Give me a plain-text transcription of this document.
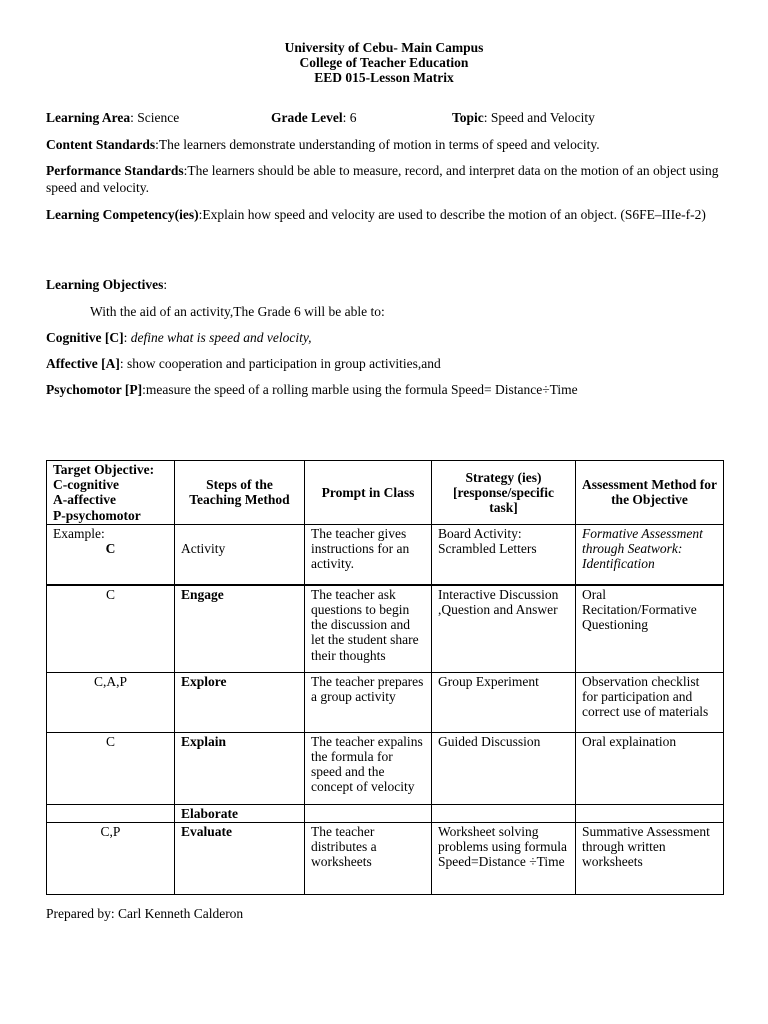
University of Cebu- Main Campus
College of Teacher Education
EED 015-Lesson Matrix
Learning Area: Science	Grade Level: 6	Topic: Speed and Velocity
Content Standards:The learners demonstrate understanding of motion in terms of speed and velocity.
Performance Standards:The learners should be able to measure, record, and interpret data on the motion of an object using speed and velocity.
Learning Competency(ies):Explain how speed and velocity are used to describe the motion of an object. (S6FE–IIIe-f-2)
Learning Objectives:
With the aid of an activity,The Grade 6 will be able to:
Cognitive [C]: define what is speed and velocity,
Affective [A]: show cooperation and participation in group activities,and
Psychomotor [P]:measure the speed of a rolling marble using the formula Speed= Distance÷Time
Target Objective:
C-cognitive
A-affective
P-psychomotor	Steps of the Teaching Method	Prompt in Class	Strategy (ies) [response/specific task]	Assessment Method for the Objective

Example:
C	Activity	The teacher gives instructions for an activity.	Board Activity: Scrambled Letters	Formative Assessment through Seatwork: Identification
C	Engage	The teacher ask questions to begin the discussion and let the student share their thoughts	Interactive Discussion ,Question and Answer	Oral Recitation/Formative Questioning
C,A,P	Explore	The teacher prepares a group activity	Group Experiment	Observation checklist for participation and correct use of materials
C	Explain	The teacher expalins the formula for speed and the concept of velocity	Guided Discussion	Oral explaination
	Elaborate			
C,P	Evaluate	The teacher distributes a worksheets	Worksheet solving problems using formula Speed=Distance ÷Time	Summative Assessment through written worksheets
Prepared by: Carl Kenneth Calderon
